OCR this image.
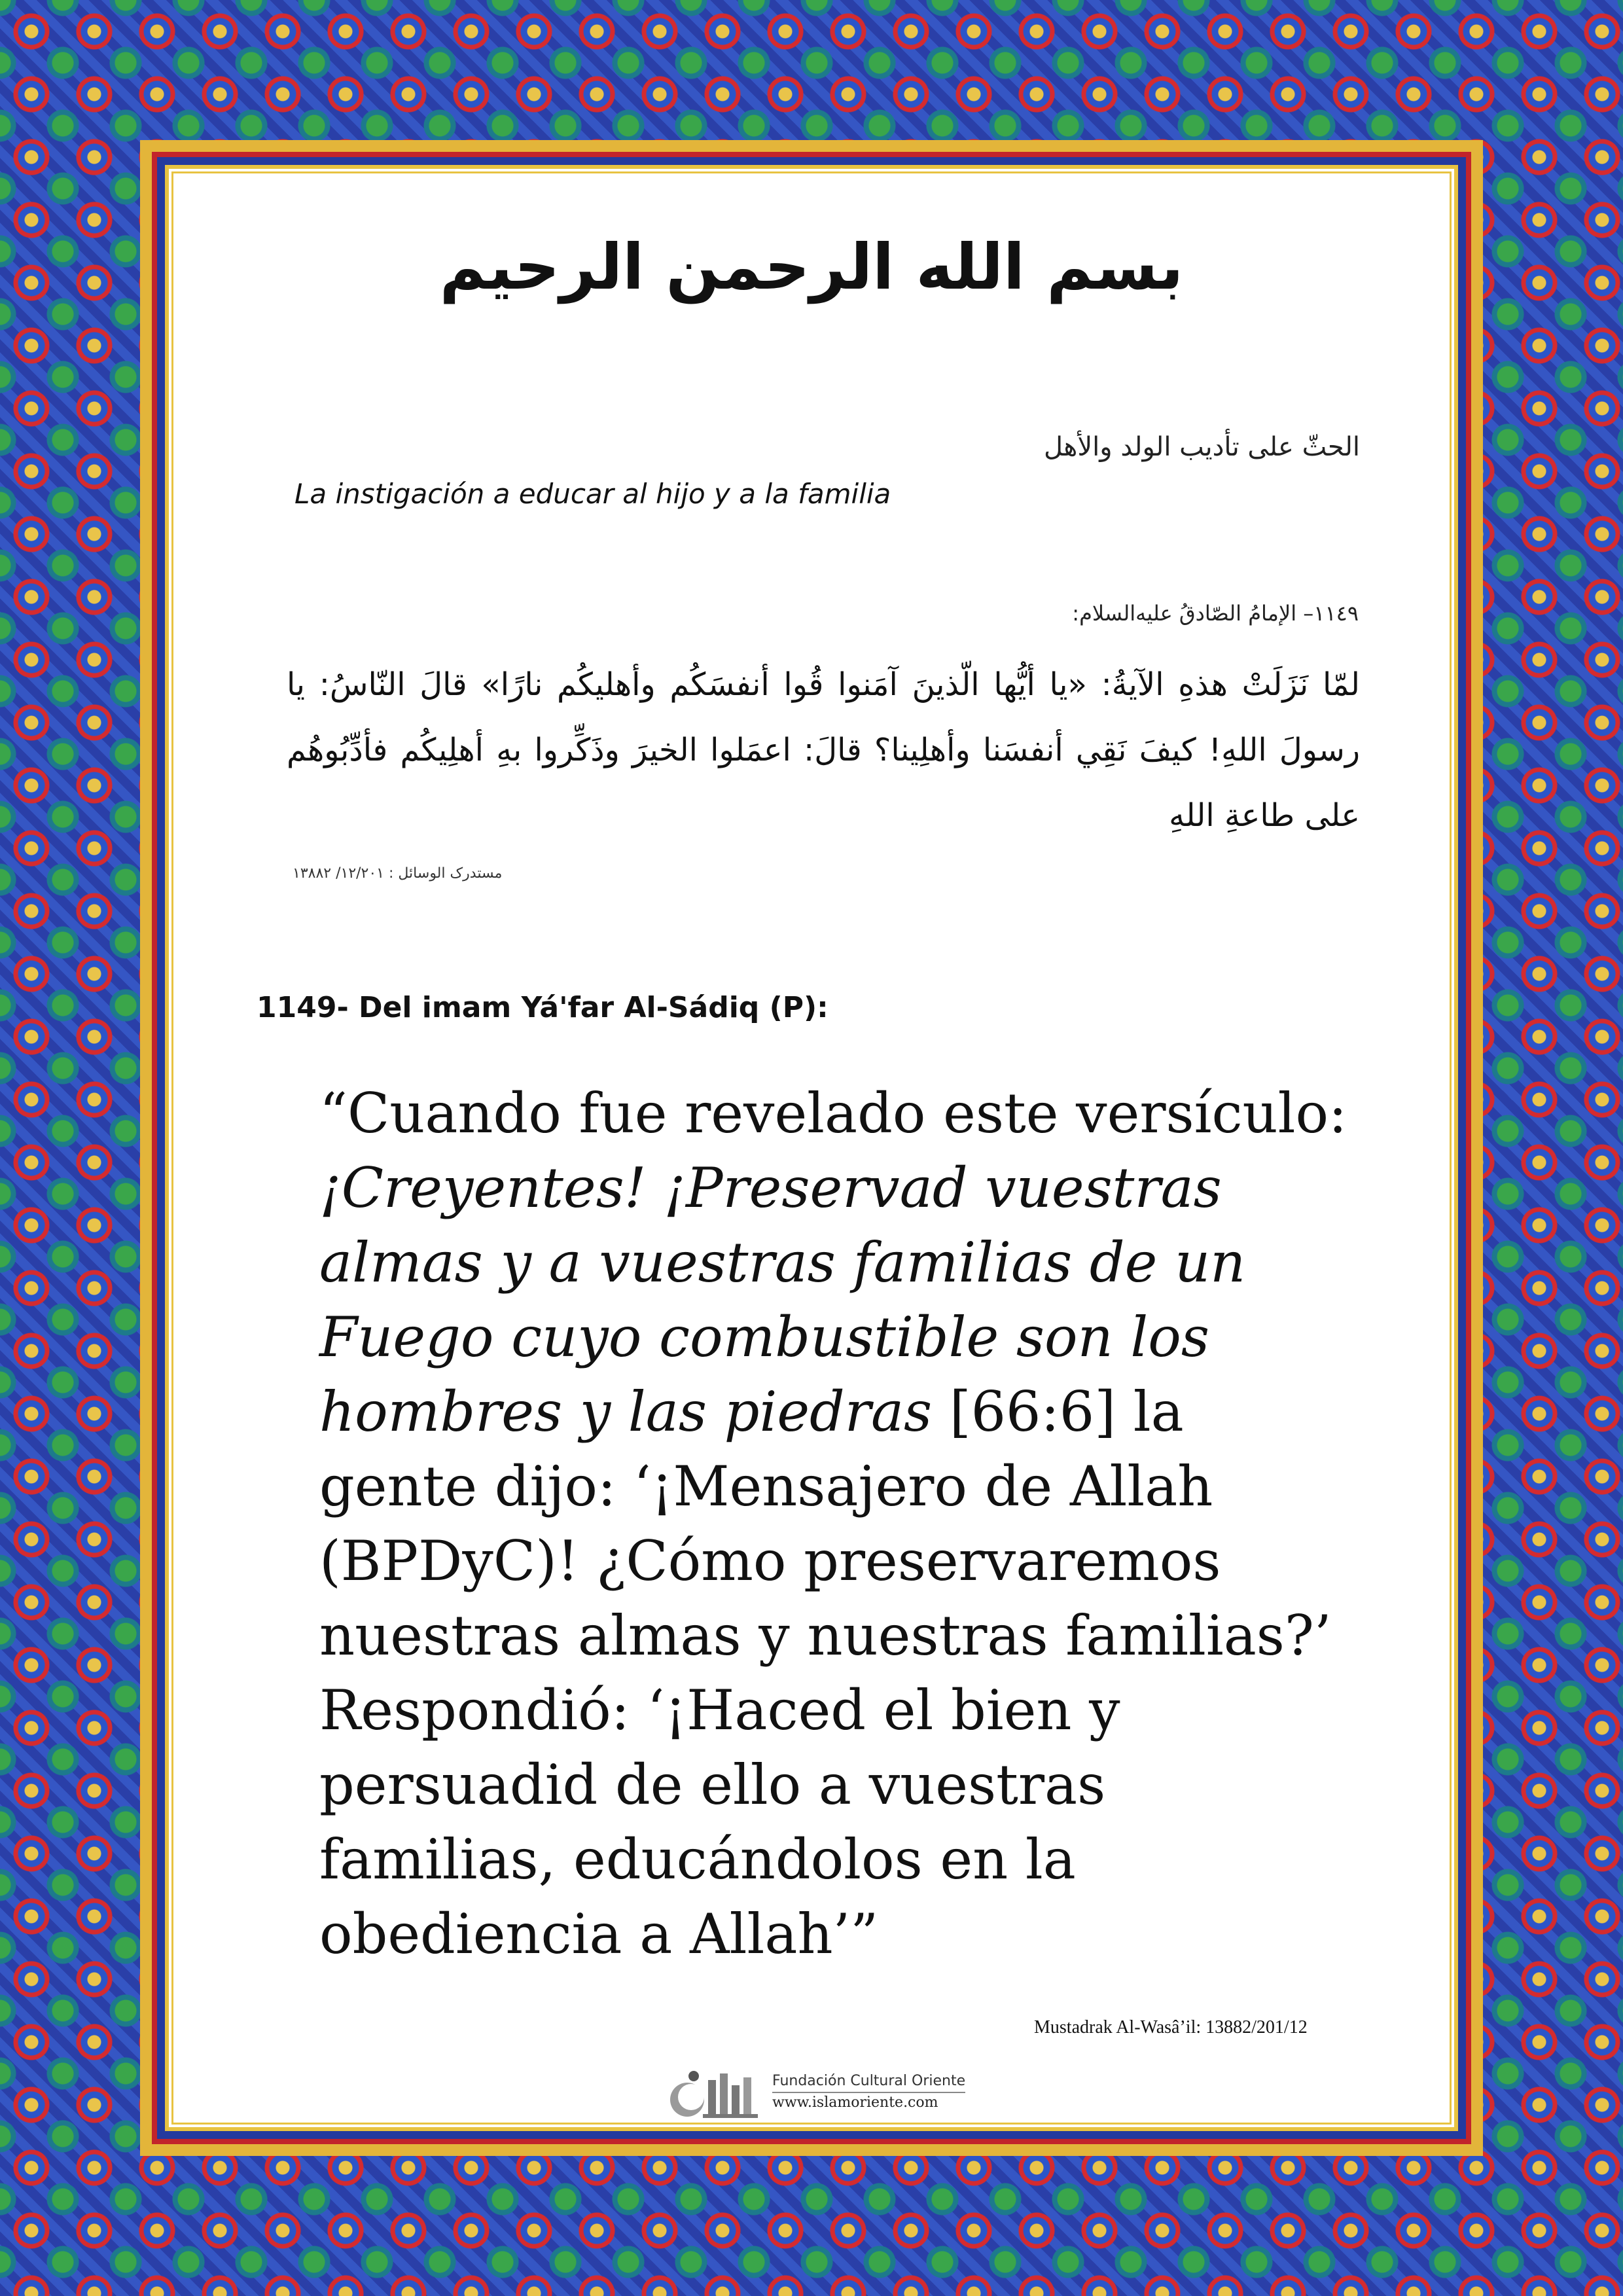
بسم الله الرحمن الرحيم
الحثّ على تأديب الولد والأهل
La instigación a educar al hijo y a la familia
١١٤٩– الإمامُ الصّادقُ عليه‌السلام:
لمّا نَزَلَتْ هذهِ الآيةُ: «يا أيُّها الّذينَ آمَنوا قُوا أنفسَكُم وأهليكُم نارًا» قالَ النّاسُ: يا رسولَ اللهِ! كيفَ نَقِي أنفسَنا وأهلِينا؟ قالَ: اعمَلوا الخيرَ وذَكِّروا بهِ أهلِيكُم فأدِّبُوهُم على طاعةِ اللهِ
مستدرک الوسائل : ١٢/٢٠١/ ١٣٨٨٢
1149- Del imam Yá'far Al-Sádiq (P):
“Cuando fue revelado este versículo: ¡Creyentes! ¡Preservad vuestras almas y a vuestras familias de un Fuego cuyo combustible son los hombres y las piedras [66:6] la gente dijo: ‘¡Mensajero de Allah (BPDyC)! ¿Cómo preservaremos nuestras almas y nuestras familias?’ Respondió: ‘¡Haced el bien y persuadid de ello a vuestras familias, educándolos en la obediencia a Allah’”
Mustadrak Al-Wasâ’il: 13882/201/12
Fundación Cultural Oriente
www.islamoriente.com
